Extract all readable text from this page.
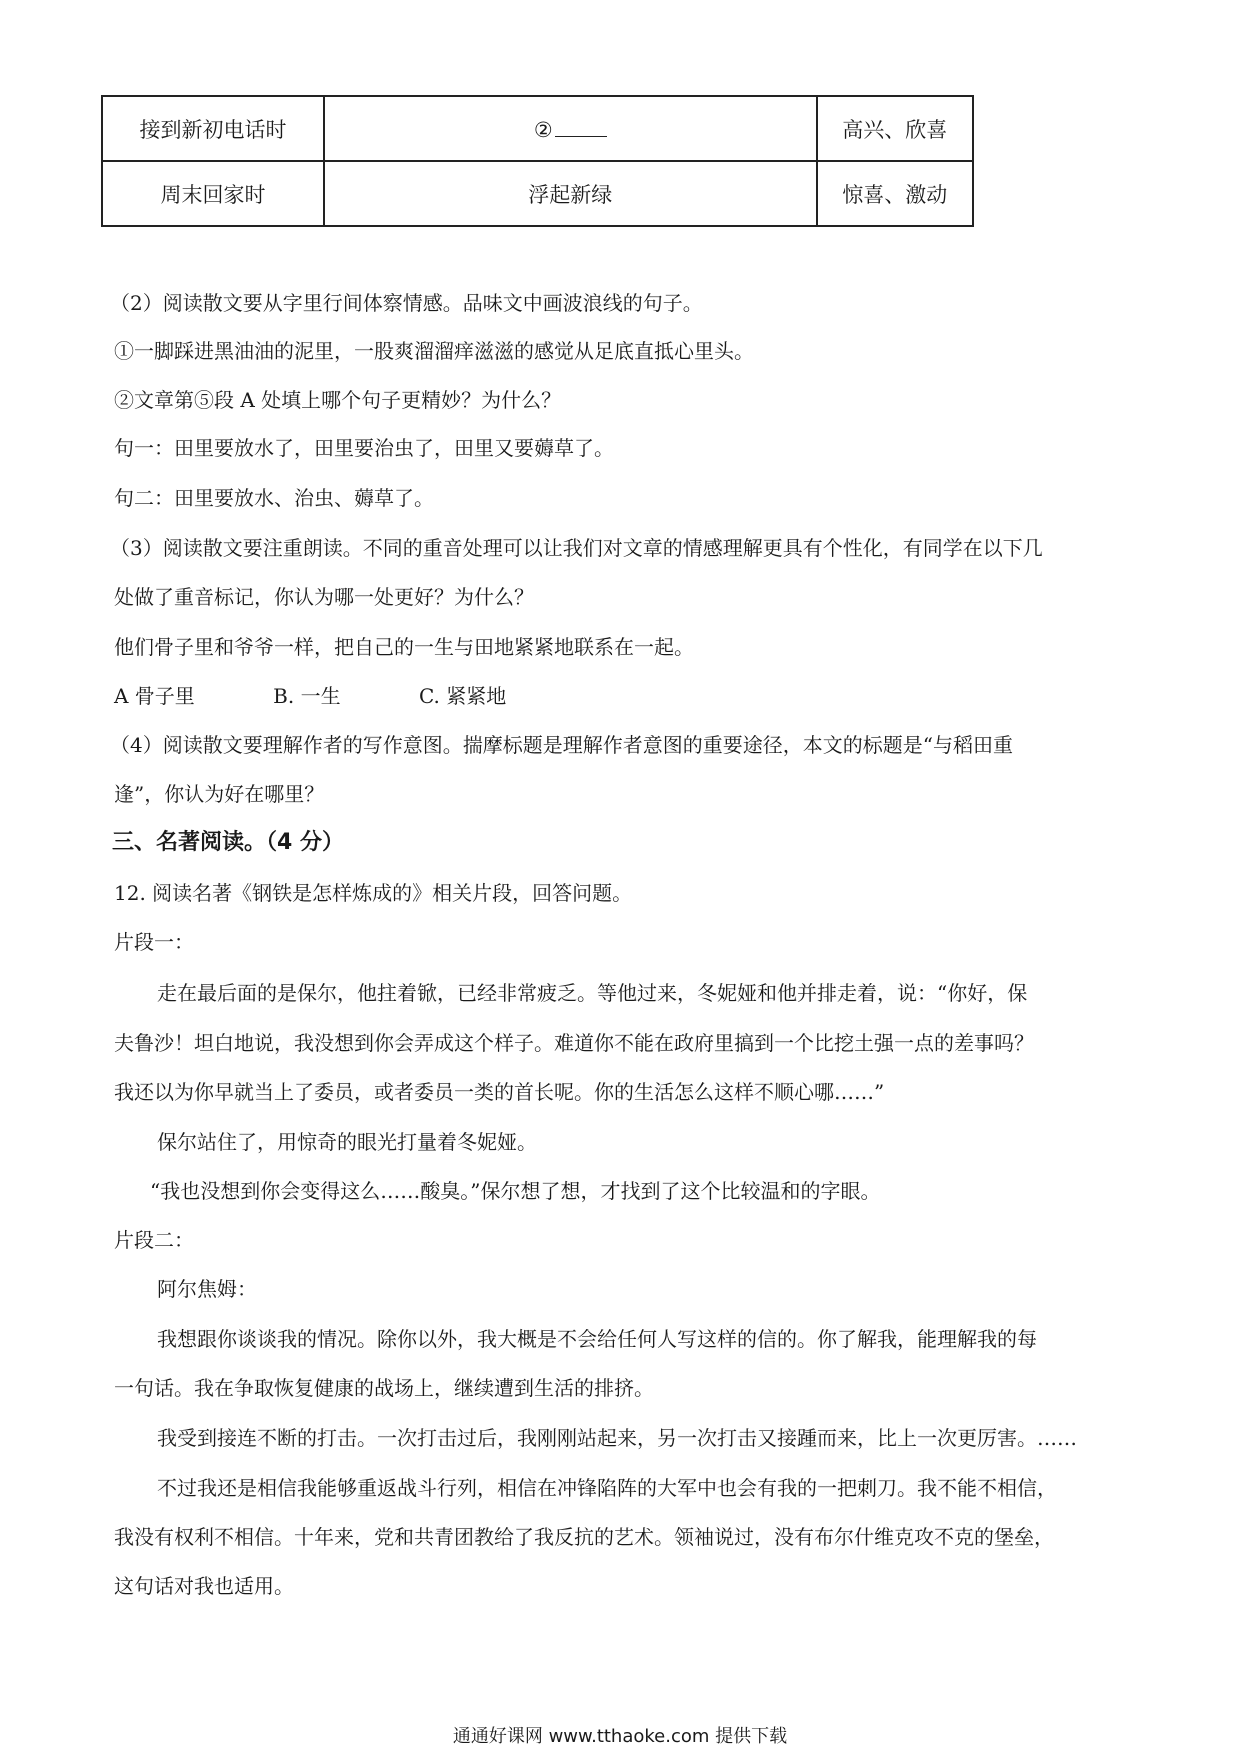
接到新初电话时	②	高兴、欣喜
周末回家时	浮起新绿	惊喜、激动
（2）阅读散文要从字里行间体察情感。品味文中画波浪线的句子。
①一脚踩进黑油油的泥里，一股爽溜溜痒滋滋的感觉从足底直抵心里头。
②文章第⑤段 A 处填上哪个句子更精妙？为什么？
句一：田里要放水了，田里要治虫了，田里又要薅草了。
句二：田里要放水、治虫、薅草了。
（3）阅读散文要注重朗读。不同的重音处理可以让我们对文章的情感理解更具有个性化，有同学在以下几
处做了重音标记，你认为哪一处更好？为什么？
他们骨子里和爷爷一样，把自己的一生与田地紧紧地联系在一起。
A 骨子里	B. 一生	C. 紧紧地
（4）阅读散文要理解作者的写作意图。揣摩标题是理解作者意图的重要途径，本文的标题是“与稻田重
逢”，你认为好在哪里？
三、名著阅读。（4 分）
12. 阅读名著《钢铁是怎样炼成的》相关片段，回答问题。
片段一：
走在最后面的是保尔，他拄着锨，已经非常疲乏。等他过来，冬妮娅和他并排走着，说：“你好，保
夫鲁沙！坦白地说，我没想到你会弄成这个样子。难道你不能在政府里搞到一个比挖土强一点的差事吗？
我还以为你早就当上了委员，或者委员一类的首长呢。你的生活怎么这样不顺心哪……”
保尔站住了，用惊奇的眼光打量着冬妮娅。
“我也没想到你会变得这么……酸臭。”保尔想了想，才找到了这个比较温和的字眼。
片段二：
阿尔焦姆：
我想跟你谈谈我的情况。除你以外，我大概是不会给任何人写这样的信的。你了解我，能理解我的每
一句话。我在争取恢复健康的战场上，继续遭到生活的排挤。
我受到接连不断的打击。一次打击过后，我刚刚站起来，另一次打击又接踵而来，比上一次更厉害。……
不过我还是相信我能够重返战斗行列，相信在冲锋陷阵的大军中也会有我的一把刺刀。我不能不相信，
我没有权利不相信。十年来，党和共青团教给了我反抗的艺术。领袖说过，没有布尔什维克攻不克的堡垒，
这句话对我也适用。
通通好课网 www.tthaoke.com 提供下载
